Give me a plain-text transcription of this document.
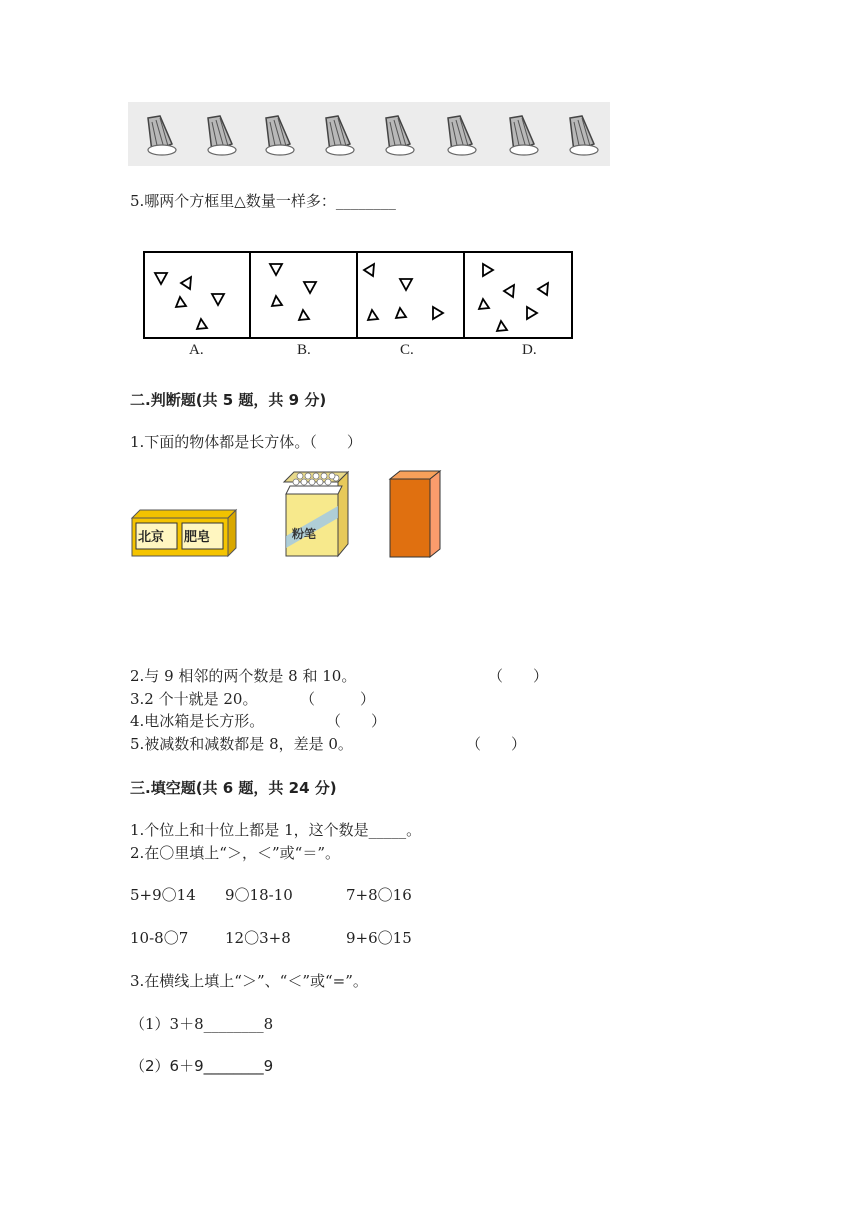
5.哪两个方框里△数量一样多：________
A.	B.	C.	D.
二.判断题(共 5 题，共 9 分)
1.下面的物体都是长方体。（　　）
北京 肥皂	粉笔
2.与 9 相邻的两个数是 8 和 10。	（　　）
3.2 个十就是 20。	（　　　）
4.电冰箱是长方形。	（　　）
5.被减数和减数都是 8，差是 0。	（　　）
三.填空题(共 6 题，共 24 分)
1.个位上和十位上都是 1，这个数是_____。
2.在〇里填上“＞，＜”或“＝”。
5+9〇14 9〇18-10	7+8〇16
10-8〇7 12〇3+8	9+6〇15
3.在横线上填上“＞”、“＜”或“=”。
（1）3＋8________8
（2）6＋9________9
